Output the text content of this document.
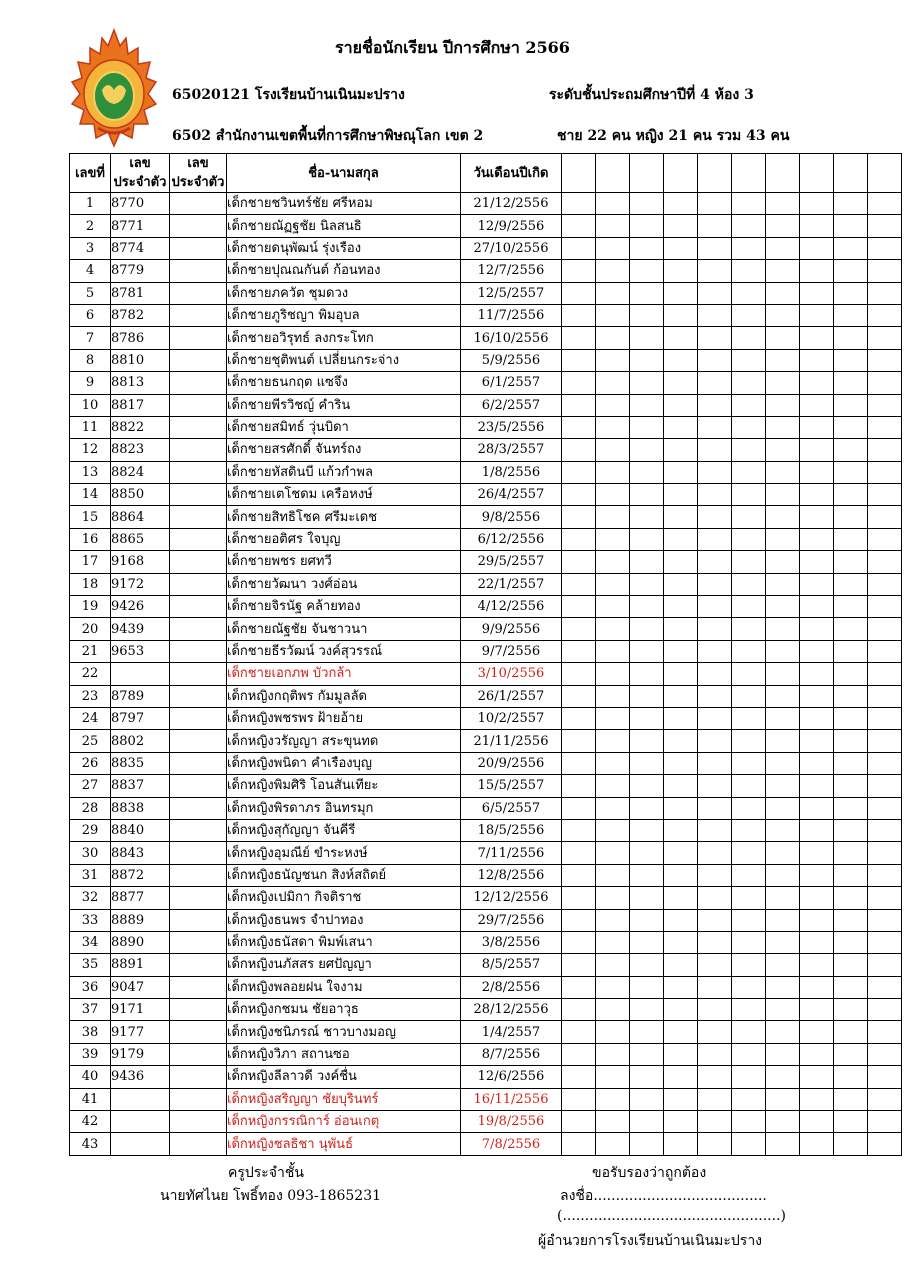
รายชื่อนักเรียน ปีการศึกษา 2566
65020121 โรงเรียนบ้านเนินมะปราง	ระดับชั้นประถมศึกษาปีที่ 4 ห้อง 3
6502 สำนักงานเขตพื้นที่การศึกษาพิษณุโลก เขต 2	ชาย 22 คน หญิง 21 คน รวม 43 คน
เลขที่	เลข ประจำตัว	เลข ประจำตัว	ชื่อ-นามสกุล	วันเดือนปีเกิด										
1	8770		เด็กชายชวินทร์ชัย ศรีหอม	21/12/2556										
2	8771		เด็กชายณัฏฐชัย นิลสนธิ	12/9/2556										
3	8774		เด็กชายดนุพัฒน์ รุ่งเรือง	27/10/2556										
4	8779		เด็กชายปุณณกันต์ ก้อนทอง	12/7/2556										
5	8781		เด็กชายภควัต ชุมดวง	12/5/2557										
6	8782		เด็กชายภูริชญา พิมอุบล	11/7/2556										
7	8786		เด็กชายอวิรุทธ์ ลงกระโทก	16/10/2556										
8	8810		เด็กชายชุติพนต์ เปลี่ยนกระจ่าง	5/9/2556										
9	8813		เด็กชายธนกฤต แซจึง	6/1/2557										
10	8817		เด็กชายพีรวิชญ์ คำริน	6/2/2557										
11	8822		เด็กชายสมิทธ์ วุ่นบิดา	23/5/2556										
12	8823		เด็กชายสรศักดิ์ จันทร์ถง	28/3/2557										
13	8824		เด็กชายหัสดินบี แก้วกำพล	1/8/2556										
14	8850		เด็กชายเตโชดม เครือหงษ์	26/4/2557										
15	8864		เด็กชายสิทธิโชค ศรีมะเดช	9/8/2556										
16	8865		เด็กชายอติศร ใจบุญ	6/12/2556										
17	9168		เด็กชายพชร ยศทวี	29/5/2557										
18	9172		เด็กชายวัฒนา วงศ์อ่อน	22/1/2557										
19	9426		เด็กชายจิรนัฐ คล้ายทอง	4/12/2556										
20	9439		เด็กชายณัฐชัย จันชาวนา	9/9/2556										
21	9653		เด็กชายธีรวัฒน์ วงค์สุวรรณ์	9/7/2556										
22			เด็กชายเอกภพ บัวกล้า	3/10/2556										
23	8789		เด็กหญิงกฤติพร กัมมูลลัด	26/1/2557										
24	8797		เด็กหญิงพชรพร ฝ้ายอ้าย	10/2/2557										
25	8802		เด็กหญิงวรัญญา สระขุนทด	21/11/2556										
26	8835		เด็กหญิงพนิดา คำเรืองบุญ	20/9/2556										
27	8837		เด็กหญิงพิมศิริ โอนสันเทียะ	15/5/2557										
28	8838		เด็กหญิงพิรดาภร อินทรมุก	6/5/2557										
29	8840		เด็กหญิงสุกัญญา จันคีรี	18/5/2556										
30	8843		เด็กหญิงอุมณีย์ ขำระหงษ์	7/11/2556										
31	8872		เด็กหญิงธนัญชนก สิงห์สถิตย์	12/8/2556										
32	8877		เด็กหญิงเปมิกา กิจติราช	12/12/2556										
33	8889		เด็กหญิงธนพร จำปาทอง	29/7/2556										
34	8890		เด็กหญิงธนัสดา พิมพ์เสนา	3/8/2556										
35	8891		เด็กหญิงนภัสสร ยศปัญญา	8/5/2557										
36	9047		เด็กหญิงพลอยฝน ใจงาม	2/8/2556										
37	9171		เด็กหญิงกชมน ชัยอาวุธ	28/12/2556										
38	9177		เด็กหญิงชนิภรณ์ ชาวบางมอญ	1/4/2557										
39	9179		เด็กหญิงวิภา สถานซอ	8/7/2556										
40	9436		เด็กหญิงลีลาวดี วงค์ชื่น	12/6/2556										
41			เด็กหญิงสริญญา ชัยบุรินทร์	16/11/2556										
42			เด็กหญิงกรรณิการ์ อ่อนเกตุ	19/8/2556										
43			เด็กหญิงชลธิชา นุพันธ์	7/8/2556										
ครูประจำชั้น
นายทัศไนย โพธิ์ทอง 093-1865231
ขอรับรองว่าถูกต้อง
ลงชื่อ.......................................
(.................................................)
ผู้อำนวยการโรงเรียนบ้านเนินมะปราง
